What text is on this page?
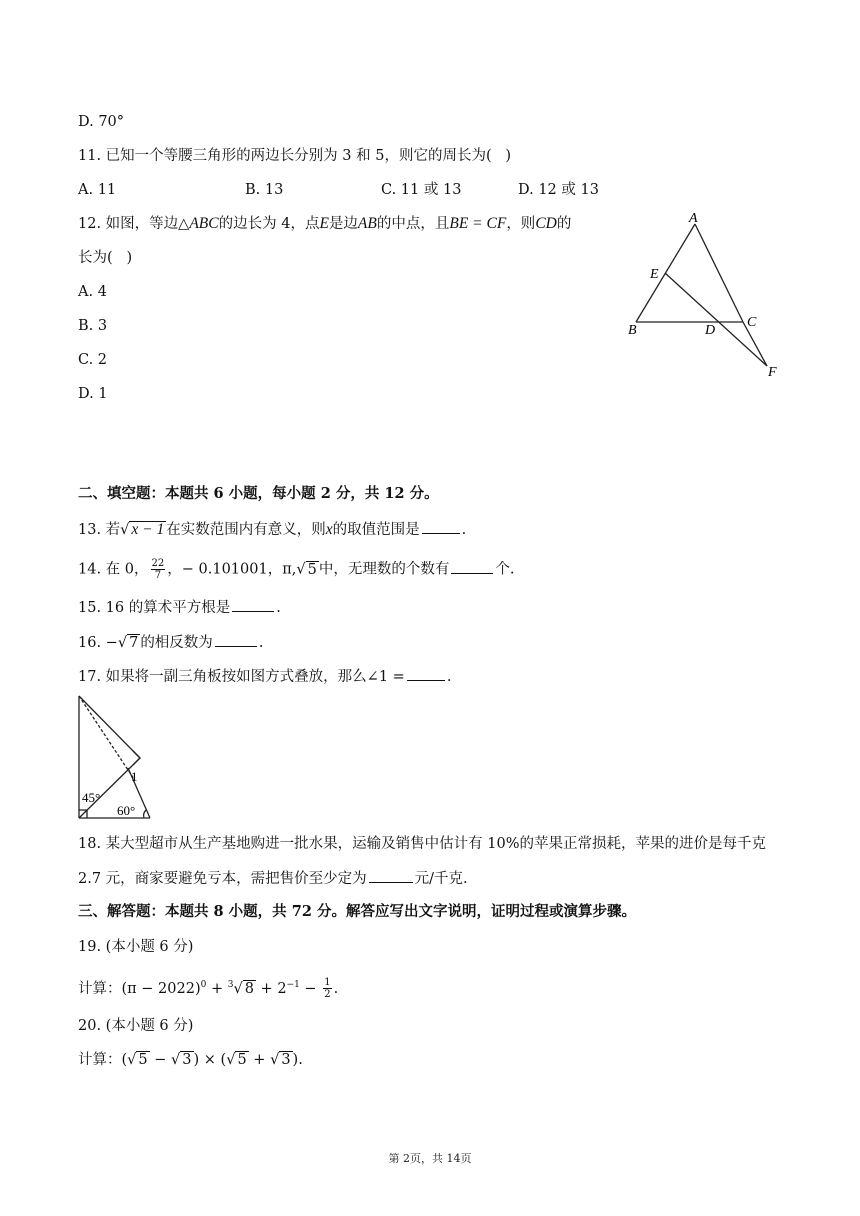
D. 70°
11. 已知一个等腰三角形的两边长分别为 3 和 5，则它的周长为(   )
A. 11	B. 13	C. 11 或 13	D. 12 或 13
12. 如图，等边△ABC的边长为 4，点E是边AB的中点，且BE = CF，则CD的
长为(   )
A. 4
B. 3
C. 2
D. 1
A
B
C
D
E
F
二、填空题：本题共 6 小题，每小题 2 分，共 12 分。
13. 若√ x − 1 在实数范围内有意义，则x的取值范围是	.
14. 在 0， $\frac{22}{7}$ ，− 0.101001，π,√ 5 中，无理数的个数有	个.
15. 16 的算术平方根是	.
16. −√ 7 的相反数为	.
17. 如果将一副三角板按如图方式叠放，那么∠1 =	.
45°
60°
1
18. 某大型超市从生产基地购进一批水果，运输及销售中估计有 10%的苹果正常损耗，苹果的进价是每千克
2.7 元，商家要避免亏本，需把售价至少定为	元/千克.
三、解答题：本题共 8 小题，共 72 分。解答应写出文字说明，证明过程或演算步骤。
19. (本小题 6 分)
计算：$(\pi - 2022)^0 + ^3√$ $8 + 2^{-1} - \frac{1}{2}$ .
20. (本小题 6 分)
计算：(√ 5 − √ 3 ) × (√ 5 + √ 3 ).
第 2页，共 14页
